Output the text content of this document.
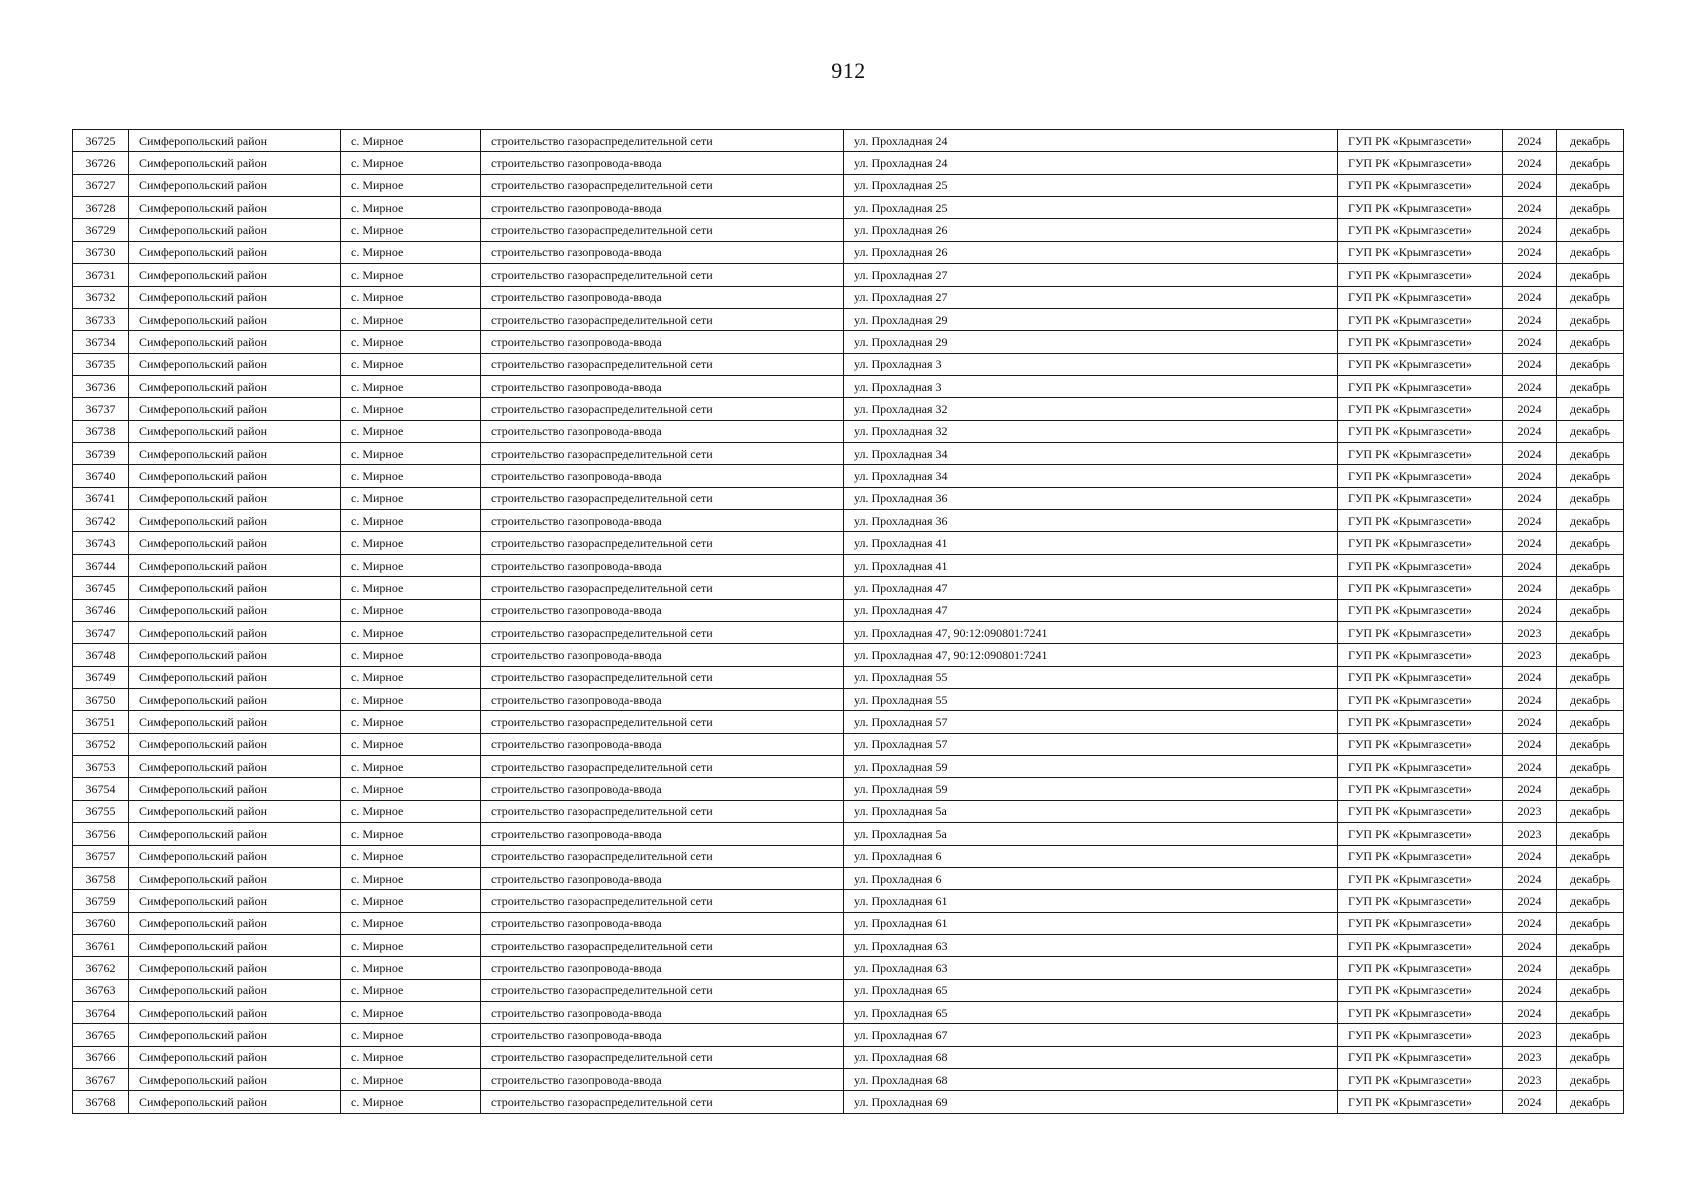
912
36725	Симферопольский район	с. Мирное	строительство газораспределительной сети	ул. Прохладная 24	ГУП РК «Крымгазсети»	2024	декабрь
36726	Симферопольский район	с. Мирное	строительство газопровода-ввода	ул. Прохладная 24	ГУП РК «Крымгазсети»	2024	декабрь
36727	Симферопольский район	с. Мирное	строительство газораспределительной сети	ул. Прохладная 25	ГУП РК «Крымгазсети»	2024	декабрь
36728	Симферопольский район	с. Мирное	строительство газопровода-ввода	ул. Прохладная 25	ГУП РК «Крымгазсети»	2024	декабрь
36729	Симферопольский район	с. Мирное	строительство газораспределительной сети	ул. Прохладная 26	ГУП РК «Крымгазсети»	2024	декабрь
36730	Симферопольский район	с. Мирное	строительство газопровода-ввода	ул. Прохладная 26	ГУП РК «Крымгазсети»	2024	декабрь
36731	Симферопольский район	с. Мирное	строительство газораспределительной сети	ул. Прохладная 27	ГУП РК «Крымгазсети»	2024	декабрь
36732	Симферопольский район	с. Мирное	строительство газопровода-ввода	ул. Прохладная 27	ГУП РК «Крымгазсети»	2024	декабрь
36733	Симферопольский район	с. Мирное	строительство газораспределительной сети	ул. Прохладная 29	ГУП РК «Крымгазсети»	2024	декабрь
36734	Симферопольский район	с. Мирное	строительство газопровода-ввода	ул. Прохладная 29	ГУП РК «Крымгазсети»	2024	декабрь
36735	Симферопольский район	с. Мирное	строительство газораспределительной сети	ул. Прохладная 3	ГУП РК «Крымгазсети»	2024	декабрь
36736	Симферопольский район	с. Мирное	строительство газопровода-ввода	ул. Прохладная 3	ГУП РК «Крымгазсети»	2024	декабрь
36737	Симферопольский район	с. Мирное	строительство газораспределительной сети	ул. Прохладная 32	ГУП РК «Крымгазсети»	2024	декабрь
36738	Симферопольский район	с. Мирное	строительство газопровода-ввода	ул. Прохладная 32	ГУП РК «Крымгазсети»	2024	декабрь
36739	Симферопольский район	с. Мирное	строительство газораспределительной сети	ул. Прохладная 34	ГУП РК «Крымгазсети»	2024	декабрь
36740	Симферопольский район	с. Мирное	строительство газопровода-ввода	ул. Прохладная 34	ГУП РК «Крымгазсети»	2024	декабрь
36741	Симферопольский район	с. Мирное	строительство газораспределительной сети	ул. Прохладная 36	ГУП РК «Крымгазсети»	2024	декабрь
36742	Симферопольский район	с. Мирное	строительство газопровода-ввода	ул. Прохладная 36	ГУП РК «Крымгазсети»	2024	декабрь
36743	Симферопольский район	с. Мирное	строительство газораспределительной сети	ул. Прохладная 41	ГУП РК «Крымгазсети»	2024	декабрь
36744	Симферопольский район	с. Мирное	строительство газопровода-ввода	ул. Прохладная 41	ГУП РК «Крымгазсети»	2024	декабрь
36745	Симферопольский район	с. Мирное	строительство газораспределительной сети	ул. Прохладная 47	ГУП РК «Крымгазсети»	2024	декабрь
36746	Симферопольский район	с. Мирное	строительство газопровода-ввода	ул. Прохладная 47	ГУП РК «Крымгазсети»	2024	декабрь
36747	Симферопольский район	с. Мирное	строительство газораспределительной сети	ул. Прохладная 47, 90:12:090801:7241	ГУП РК «Крымгазсети»	2023	декабрь
36748	Симферопольский район	с. Мирное	строительство газопровода-ввода	ул. Прохладная 47, 90:12:090801:7241	ГУП РК «Крымгазсети»	2023	декабрь
36749	Симферопольский район	с. Мирное	строительство газораспределительной сети	ул. Прохладная 55	ГУП РК «Крымгазсети»	2024	декабрь
36750	Симферопольский район	с. Мирное	строительство газопровода-ввода	ул. Прохладная 55	ГУП РК «Крымгазсети»	2024	декабрь
36751	Симферопольский район	с. Мирное	строительство газораспределительной сети	ул. Прохладная 57	ГУП РК «Крымгазсети»	2024	декабрь
36752	Симферопольский район	с. Мирное	строительство газопровода-ввода	ул. Прохладная 57	ГУП РК «Крымгазсети»	2024	декабрь
36753	Симферопольский район	с. Мирное	строительство газораспределительной сети	ул. Прохладная 59	ГУП РК «Крымгазсети»	2024	декабрь
36754	Симферопольский район	с. Мирное	строительство газопровода-ввода	ул. Прохладная 59	ГУП РК «Крымгазсети»	2024	декабрь
36755	Симферопольский район	с. Мирное	строительство газораспределительной сети	ул. Прохладная 5а	ГУП РК «Крымгазсети»	2023	декабрь
36756	Симферопольский район	с. Мирное	строительство газопровода-ввода	ул. Прохладная 5а	ГУП РК «Крымгазсети»	2023	декабрь
36757	Симферопольский район	с. Мирное	строительство газораспределительной сети	ул. Прохладная 6	ГУП РК «Крымгазсети»	2024	декабрь
36758	Симферопольский район	с. Мирное	строительство газопровода-ввода	ул. Прохладная 6	ГУП РК «Крымгазсети»	2024	декабрь
36759	Симферопольский район	с. Мирное	строительство газораспределительной сети	ул. Прохладная 61	ГУП РК «Крымгазсети»	2024	декабрь
36760	Симферопольский район	с. Мирное	строительство газопровода-ввода	ул. Прохладная 61	ГУП РК «Крымгазсети»	2024	декабрь
36761	Симферопольский район	с. Мирное	строительство газораспределительной сети	ул. Прохладная 63	ГУП РК «Крымгазсети»	2024	декабрь
36762	Симферопольский район	с. Мирное	строительство газопровода-ввода	ул. Прохладная 63	ГУП РК «Крымгазсети»	2024	декабрь
36763	Симферопольский район	с. Мирное	строительство газораспределительной сети	ул. Прохладная 65	ГУП РК «Крымгазсети»	2024	декабрь
36764	Симферопольский район	с. Мирное	строительство газопровода-ввода	ул. Прохладная 65	ГУП РК «Крымгазсети»	2024	декабрь
36765	Симферопольский район	с. Мирное	строительство газопровода-ввода	ул. Прохладная 67	ГУП РК «Крымгазсети»	2023	декабрь
36766	Симферопольский район	с. Мирное	строительство газораспределительной сети	ул. Прохладная 68	ГУП РК «Крымгазсети»	2023	декабрь
36767	Симферопольский район	с. Мирное	строительство газопровода-ввода	ул. Прохладная 68	ГУП РК «Крымгазсети»	2023	декабрь
36768	Симферопольский район	с. Мирное	строительство газораспределительной сети	ул. Прохладная 69	ГУП РК «Крымгазсети»	2024	декабрь
